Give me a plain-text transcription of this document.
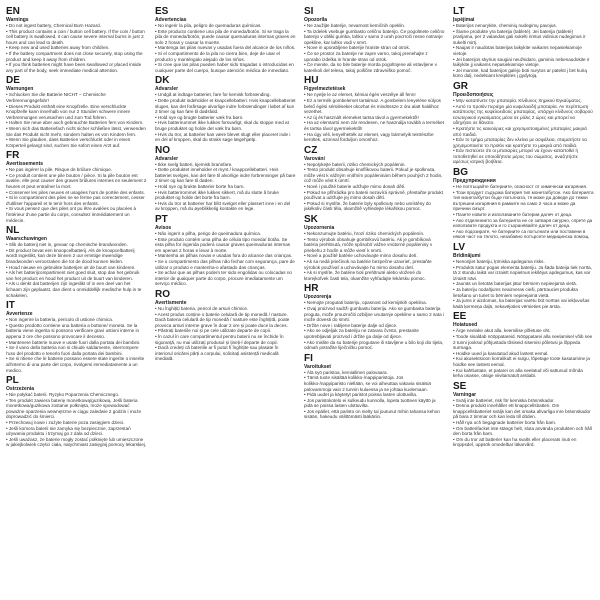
EN
Warnings
• Do not ingest battery, Chemical Burn Hazard.
• This product contains a coin / button cell battery. If the coin / button cell battery is swallowed, it can cause severe internal burns in just 2 hours and can lead to death.
• Keep new and used batteries away from children.
• If the battery compartment does not close securely, stop using the product and keep it away from children.
• If you think batteries might have been swallowed or placed inside any part of the body, seek immediate medical attention.
DE
Warnungen
• Schlucken Sie die Batterie NICHT – Chemische Verbrennungsgefahr!
• Dieses Produkt enthält eine Knopfzelle. Eine verschluckte Knopfzelle kann innerhalb von nur 2 Stunden schwere innere Verbrennungen verursachen und zum Tod führen.
• Halten Sie neue aber auch gebrauchte Batterien fern von Kindern.
• Wenn sich das Batteriefach nicht sicher schließen lässt, verwenden Sie das Produkt nicht mehr, sondern halten es von Kindern fern.
• Wenn Sie glauben, dass Batterien verschluckt oder in einen Körperteil gelangt sind, suchen Sie sofort einen Arzt auf.
FR
Avertissements
• Ne pas ingérer la pile. Risque de brûlure chimique.
• Ce produit contient une pile bouton / pièce. Si la pile bouton est avalée, elle peut causer des graves brûlures internes en seulement 2 heures et peut entraîner la mort.
• Conserver les piles neuves et usagées hors de portée des enfants.
• Si le compartiment des piles ne se ferme pas correctement, cesser d'utiliser l'appareil et le tenir hors des enfants.
• Si vous pensez que des piles ont pu être avalées ou placées à l'intérieur d'une partie du corps, consultez immédiatement un médecin.
NL
Waarschuwingen
• Slik de batterij niet in, gevaar op chemische brandwonden.
• Dit product bevat een knoopcelbatterij. Als de knoopcelbatterij wordt ingeslikt, kan deze binnen 2 uur ernstige inwendige brandwonden veroorzaken die tot de dood kunnen leiden.
• Houd nieuwe en gebruikte batterijen uit de buurt van kinderen.
• Als het batterijcompartiment niet goed sluit, stop dan het gebruik van het product en houd het product uit de buurt van kinderen.
• Als u denkt dat batterijen zijn ingeslikt of in een deel van het lichaam zijn geplaatst, dan dient u onmiddellijk medische hulp in te schakelen.
IT
Avvertenze
• Non ingerire la batteria, pericolo di ustione chimica.
• Questo prodotto contiene una batteria a bottone/ moneta. Se la batteria viene ingerita si possono verificare gravi ustioni interne in appena 2 ore che possono provocare il decesso.
• Mantenere batterie nuove e usate fuori dalla portata dei bambini.
• Se il vano della batteria non si chiude saldamente, interrompere l'uso del prodotto e tenerlo fuori dalla portata dei bambini.
• Se si ritiene che le batterie possano essere state ingerite o inserite all'interno di una parte del corpo, rivolgersi immediatamente a un medico.
PL
Ostrzeżenia
• Nie połykać baterii. Ryzyko Poparzenia Chemicznego.
• Ten produkt zawiera baterię monetkową/guzikową. Jeśli bateria monetkowa/guzikowa zostanie połknięta, może spowodować poważne oparzenia wewnętrzne w ciągu zaledwie 2 godzin i może doprowadzić do śmierci.
• Przechowuj nowe i zużyte baterie poza zasięgiem dzieci.
• Jeśli komora baterii nie zamyka się bezpiecznie, zaprzestań używania produktu i trzymaj go z dala od dzieci.
• Jeśli uważasz, że baterie mogły zostać połknięte lub umieszczone w jakiejkolwiek części ciała, natychmiast zasięgnij pomocy lekarskiej.
ES
Advertencias
• No ingerir la pila, peligro de quemaduras químicas.
• Este producto contiene una pila de moneda/botón. Si se traga la pila de moneda/botón, puede causar quemaduras internas graves en solo 2 horas y causar la muerte.
• Mantenga las pilas nuevas y usadas fuera del alcance de los niños.
• Si el compartimento de la pila no cierra bien, deje de usar el producto y manténgalo alejado de los niños.
• Si cree que las pilas pueden haber sido tragadas o introducidas en cualquier parte del cuerpo, busque atención médica de inmediato.
DK
Advarsler
• Undgå at indtage batteriet, fare for kemisk forbrænding.
• Dette produkt indeholder et knapcellebatteri. Hvis knapcellebatteriet sluges, kan det forårsage alvorlige indre forbrændinger i løbet af kun 2 timer og kan føre til dødsfald.
• Hold nye og brugte batterier væk fra børn.
• Hvis batterirummet ikke lukkes forsvarligt, skal du stoppe med at bruge produktet og holde det væk fra børn.
• Hvis du tror, at batterier kan være blevet slugt eller placeret inde i en del af kroppen, skal du straks søge lægehjælp.
NO
Advarsler
• Ikke svelg batteri, kjemisk brannfare.
• Dette produktet inneholder et mynt / knappcellebatteri. Hvis batteriet svelges, kan det føre til alvorlige indre forbrenninger på bare 2 timer og kan føre til døden.
• Hold nye og brukte batterier borte fra barn.
• Hvis batterirommet ikke lukkes sikkert, må du slutte å bruke produktet og holde det borte fra barn.
• Hvis du tror at batterier har blitt svelget eller plassert inne i en del av kroppen, må du øyeblikkelig kontakte en lege.
PT
Avisos
• Não ingerir a pilha, perigo de queimadura química.
• Este produto contém uma pilha de célula tipo moeda/ botão. Se esta pilha for ingerida poderá causar graves queimaduras internas em apenas 2 horas e levar à morte.
• Mantenha as pilhas novas e usadas fora do alcance das crianças.
• Se o compartimento das pilhas não fechar com segurança, pare de utilizar o produto e mantenha-o afastado das crianças.
• Se achar que as pilhas podem ter sido engolidas ou colocadas no interior de qualquer parte do corpo, procure imediatamente um serviço médico.
RO
Avertismente
• Nu înghițiți bateria, pericol de arsuri chimice.
• Acest produs conține o baterie celulară de tip monedă / nasture. Dacă bateria celulară de tip monedă / nasture este înghițită, poate provoca arsuri interne grave în doar 2 ore și poate duce la deces.
• Păstrați bateriile noi și pe cele utilizate departe de copii.
• În cazul în care compartimentul pentru baterii nu se închide în siguranță, nu mai utilizați produsul și țineți-l departe de copii.
• Dacă credeți că bateriile ar fi putut fi înghițite sau plasate în interiorul oricărei părți a corpului, solicitați asistență medicală imediată.
SI
Opozorila
• Ne zaužijte baterije, nevarnost kemičnih opeklin.
• Ta izdelek vsebuje gumbasto celično baterijo. Če pogoltnete celično baterijo v obliki gumba, lahko v samo 2 urah povzroči resne notranje opekline, kar lahko vodi v smrt.
• Nove in uporabljene baterije hranite stran od otrok.
• Če se prostor za baterije ne zapre varno, takoj prenehajte z uporabo izdelka in hranite stran od otrok.
• Če menite, da so bile baterije morda pogoltnjene ali vstavljene v katerikoli del telesa, takoj poiščite zdravniško pomoč.
HU
Figyelmeztetések
• Ne nyelje le az elemet, kémiai égés veszélye áll fenn!
• Ez a termék gombelemet tartalmaz. A gombelem lenyelése súlyos belső égési sérüléseket okozhat és mindössze 2 óra alatt halálhoz vezethet.
• Az új és használt elemeket tartsa távol a gyermekektől!
• Ha az elemtartó nem zár rendesen, ne használja tovább a terméket és tartsa távol gyermekektől!
• Ha úgy véli, lenyelhették az elemet, vagy bármelyik testrészbe kerültek, azonnal forduljon orvoshoz.
CZ
Varování
• Nepolykejte baterii, riziko chemických popálenin.
• Tento produkt obsahuje knoflíkovou baterii. Pokud je spolknuta, může vést k vážným vnitřním popáleninám během pouhých 2 hodin, což může vést k úmrtí.
• Nové i použité baterie udržujte mimo dosah dětí.
• Pokud se přihrádka pro baterii nezavírá správně, přestaňte produkt používat a udržujte jej mimo dosah dětí.
• Pokud si myslíte, že baterie byly spolknuty nebo umístěny do jakékoliv části těla, okamžitě vyhledejte lékařskou pomoc.
SK
Upozornenia
• Nekonzumujte batériu, hrozí riziko chemických popálenín.
• Tento výrobok obsahuje gombíkovú batériu. Ak je gombíková batéria prehltnutá, môže spôsobiť vážne vnútorné popáleniny v priebehu 2 hodín a môže viesť k smrti.
• Nové a použité batérie uchovávajte mimo dosahu detí.
• Ak sa nedá priečinok na batérie bezpečne uzavrieť, prestaňte výrobok používať a uchovávajte ho mimo dosahu detí.
• Ak si myslíte, že batérie boli prehltnuté alebo vložené do ktorejkoľvek časti tela, okamžite vyhľadajte lekársku pomoc.
HR
Upozorenja
• Nemojte progutati bateriju, opasnost od kemijskih opeklina.
• Ovaj proizvod sadrži gumbastu bateriju. Ako se gumbasta baterija proguta, može prouzročiti ozbiljne unutarnje opekline u samo 2 sata i može dovesti do smrti.
• Držite nove i rabljene baterije dalje od djece.
• Ako se odjeljak za bateriju ne zatvara čvrsto, prestanite upotrebljavati proizvod i držite ga dalje od djece.
• Ako mislite da su baterije progutane ili stavljene u bilo koji dio tijela, odmah potražite liječničku pomoć.
FI
Varoitukset
• Älä syö paristoa, kemiallinen palovaara.
• Tämä tuote sisältää kolikko-/nappiparistoja. Jos kolikko-/nappiparisto niellään, se voi aiheuttaa vakavia sisäisiä palovammoja vain 2 tunnin kuluessa ja se johtaa kuolemaan.
• Pidä uudet ja käytetyt paristot poissa lasten ulottuvilta.
• Jos paristokotelo ei sulkeudu kunnolla, lopeta tuotteen käyttö ja pidä se poissa lasten ulottuvilta.
• Jos epäilet, että paristo on nielty tai joutunut mihin tahansa kehon sisään, hakeudu välittömästi lääkäriin.
LT
Įspėjimai
• Baterijos nenurykite, cheminių nudegimų pavojus.
• Šiame produkte yra baterija (tabletė). Jei baterija (tabletė) prarijama, per 2 valandas gali sukelti rimtus vidinius nudegimus ir sukelti mirtį.
• Naujas ir naudotas baterijas laikykite vaikams nepasiekiamoje vietoje.
• Jei baterijos skyrius saugiai neužsidaro, gaminio nebenaudokite ir laikykite jį vaikams nepasiekiamoje vietoje.
• Jei manote, kad baterijos galėjo būti nurytos ar patekti į bet kurią kūno dalį, nedelsiant kreipkitės į gydytoją.
GR
Προειδοποιήσεις
• Μην καταπίνετε την μπαταρία. Κίνδυνος Χημικού Εγκαύματος.
• Αυτό το προϊόν περιέχει μία κυψελοειδή μπαταρία. Αν περίπτωση κατάποσης της κυψελοειδούς μπαταρίας, υπάρχει κίνδυνος σοβαρού εσωτερικού εγκαύματος μέσα σε μόλις 2 ώρες και μπορεί να οδηγήσει σε θάνατο.
• Κρατήστε τις καινούριες και χρησιμοποιημένες μπαταρίες μακριά από παιδιά.
• Εάν το τμήμα μπαταρίας δεν κλείνει με ασφάλεια, σταματήστε να χρησιμοποιείτε το προϊόν και κρατήστε το μακριά από παιδιά.
• Εάν πιστεύετε ότι οι μπαταρίες μπορεί να έχουν καταποθεί ή τοποθετηθεί σε οποιοδήποτε μέρος του σώματος, αναζητήστε αμέσως ιατρική βοήθεια.
BG
Предупреждения
• Не поглъщайте батериите, опасност от химически изгаряния.
• Този продукт съдържа батерия тип монета/бутон. Ако батерията тип монета/бутон бъде погълната, тя може да доведе до тежки вътрешни изгаряния в рамките на само 2 часа и може да причини смърт.
• Пазете новите и използваните батерии далеч от деца.
• Ако отделението за батерията не се затваря сигурно, спрете да използвате продукта и го съхранявайте далеч от деца.
• Ако подозирате, че батериите са погълнати или поставени в някоя част на тялото, незабавно потърсете медицинска помощ.
LV
Brīdinājumi
• Nenorijiet bateriju, ķīmiska apdeguma risks.
• Produkts satur pogas elementa bateriju. Ja šāda bateija tiek norīta, tā 2 stundu laikā var izraisīt nopietnus iekšējus apdegumus, kas var izraisīt nāvi.
• Jaunās un lietotās baterijas jātur bērniem nepieejamā vietā.
• Ja bateriju nodalījums neaizveras cieši, pārtrauciet produkta lietošanu un turiet to bērniem nepieejamā vietā.
• Ja jums ir aizdomas, ka baterijas varētu būt norītas vai iekļuvušas kādā ķermeņa daļā, nekavējoties vērsieties pie ārsta.
EE
Hoiatused
• Ärge neelake akut alla, keemilise põletuse oht.
• Toode sisaldab nööppatareid. Nööppatarei alla neelamisel võib see 2 tunni jooksul põhjustada tõsiseid sisemisi põletusi ja lõppeda surmaga.
• Hoidke uued ja kasutatud akud lastest eemal.
• Kui akusektsioon korralikult ei sulgu, lõpetage toote kasutamine ja hoidke see lastest eemal.
• Kui kahtlustate, et patarei on alla neelatud või sattunud mõnda keha osasse, otsige viivitamatult arstiabi.
SE
Varningar
• Svälj inte batteriet, risk för kemiska brännskador.
• Denna produkt innehåller ett knappcellsbatteri. Om knappcellsbatteriet sväljs kan det orsaka allvarliga inre brännskador på bara 2 timmar och kan leda till döden.
• Håll nya och begagnade batterier borta från barn.
• Om batterifacket inte stängs helt, sluta använda produkten och håll den borta från barn.
• Om du tror att batterier kan ha svalts eller placerats inuti en kroppsdel, uppsök omedelbar läkarvård.
